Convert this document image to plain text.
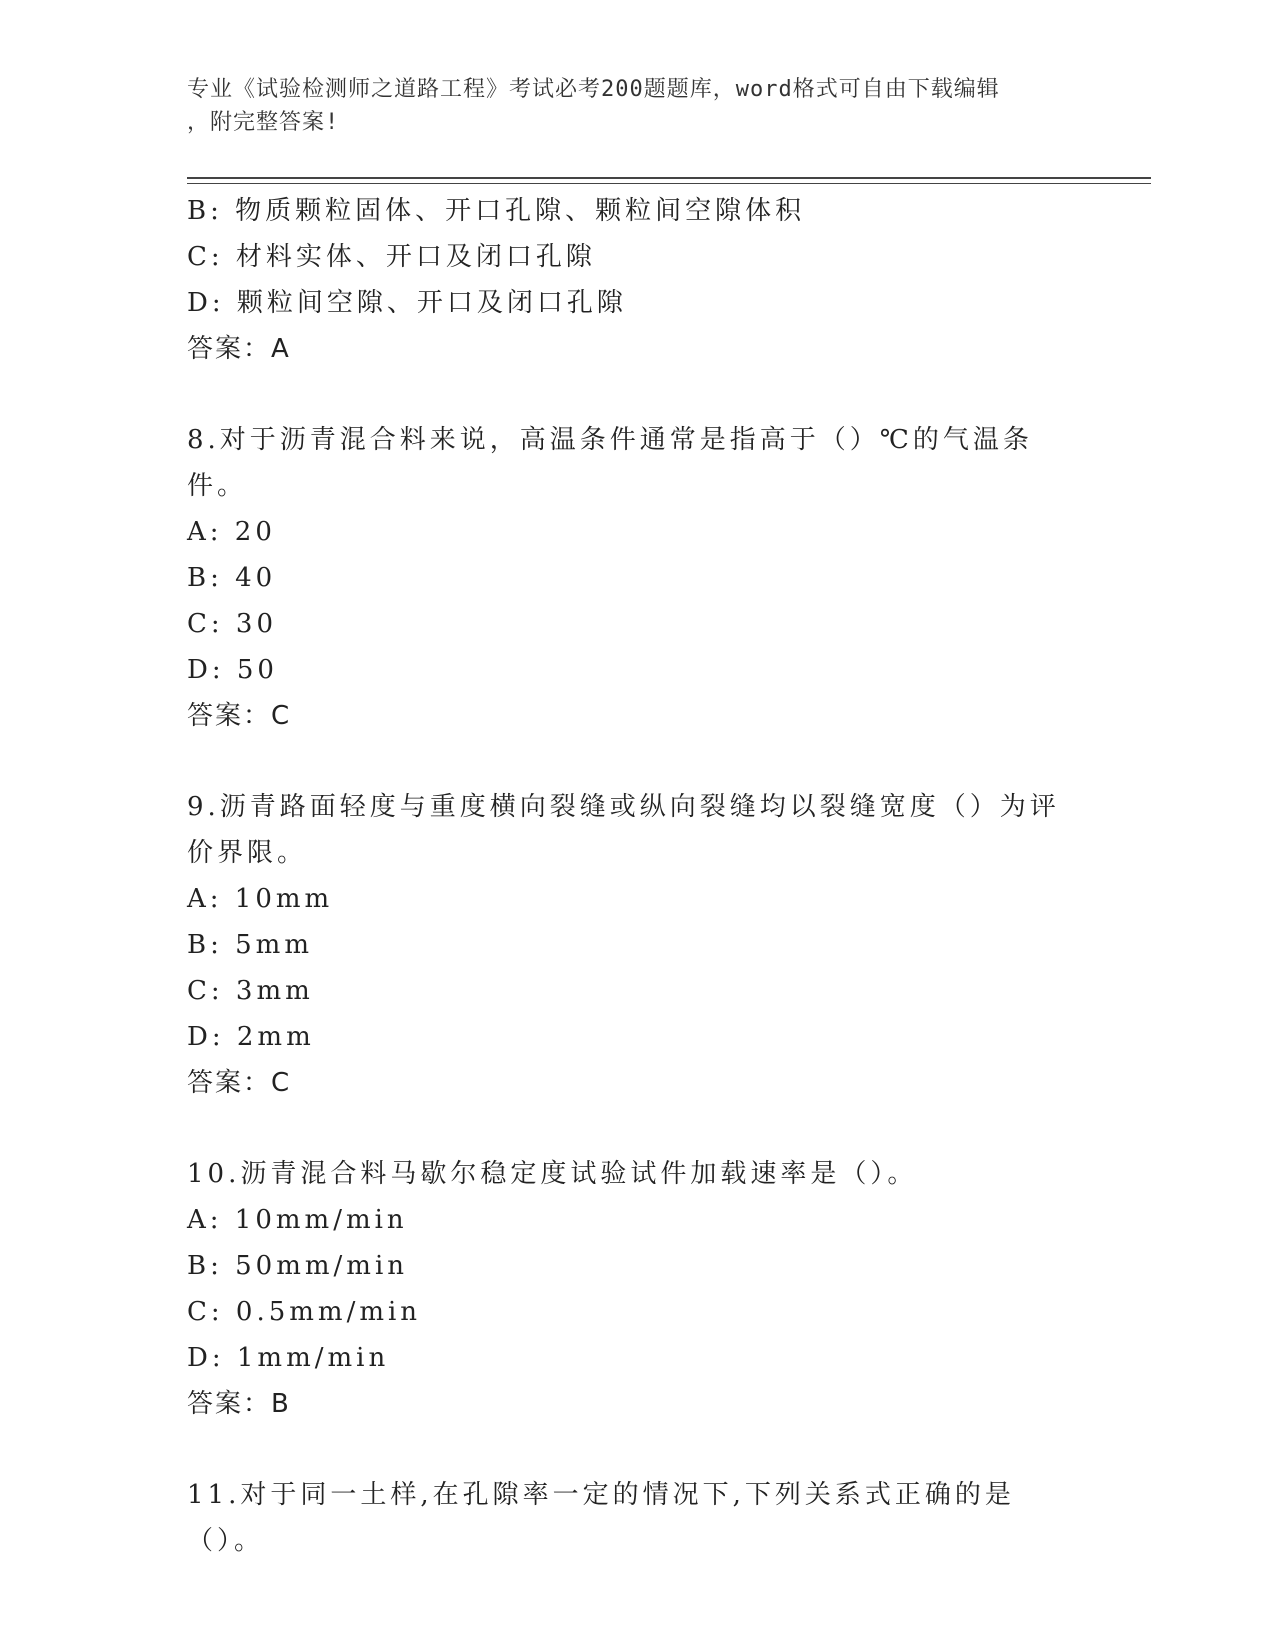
专业《试验检测师之道路工程》考试必考200题题库，word格式可自由下载编辑
，附完整答案!
B: 物质颗粒固体、开口孔隙、颗粒间空隙体积
C: 材料实体、开口及闭口孔隙
D: 颗粒间空隙、开口及闭口孔隙
答案：A
8.对于沥青混合料来说，高温条件通常是指高于（）℃的气温条件。
A: 20
B: 40
C: 30
D: 50
答案：C
9.沥青路面轻度与重度横向裂缝或纵向裂缝均以裂缝宽度（）为评价界限。
A: 10mm
B: 5mm
C: 3mm
D: 2mm
答案：C
10.沥青混合料马歇尔稳定度试验试件加载速率是（）。
A: 10mm/min
B: 50mm/min
C: 0.5mm/min
D: 1mm/min
答案：B
11.对于同一土样,在孔隙率一定的情况下,下列关系式正确的是（）。
